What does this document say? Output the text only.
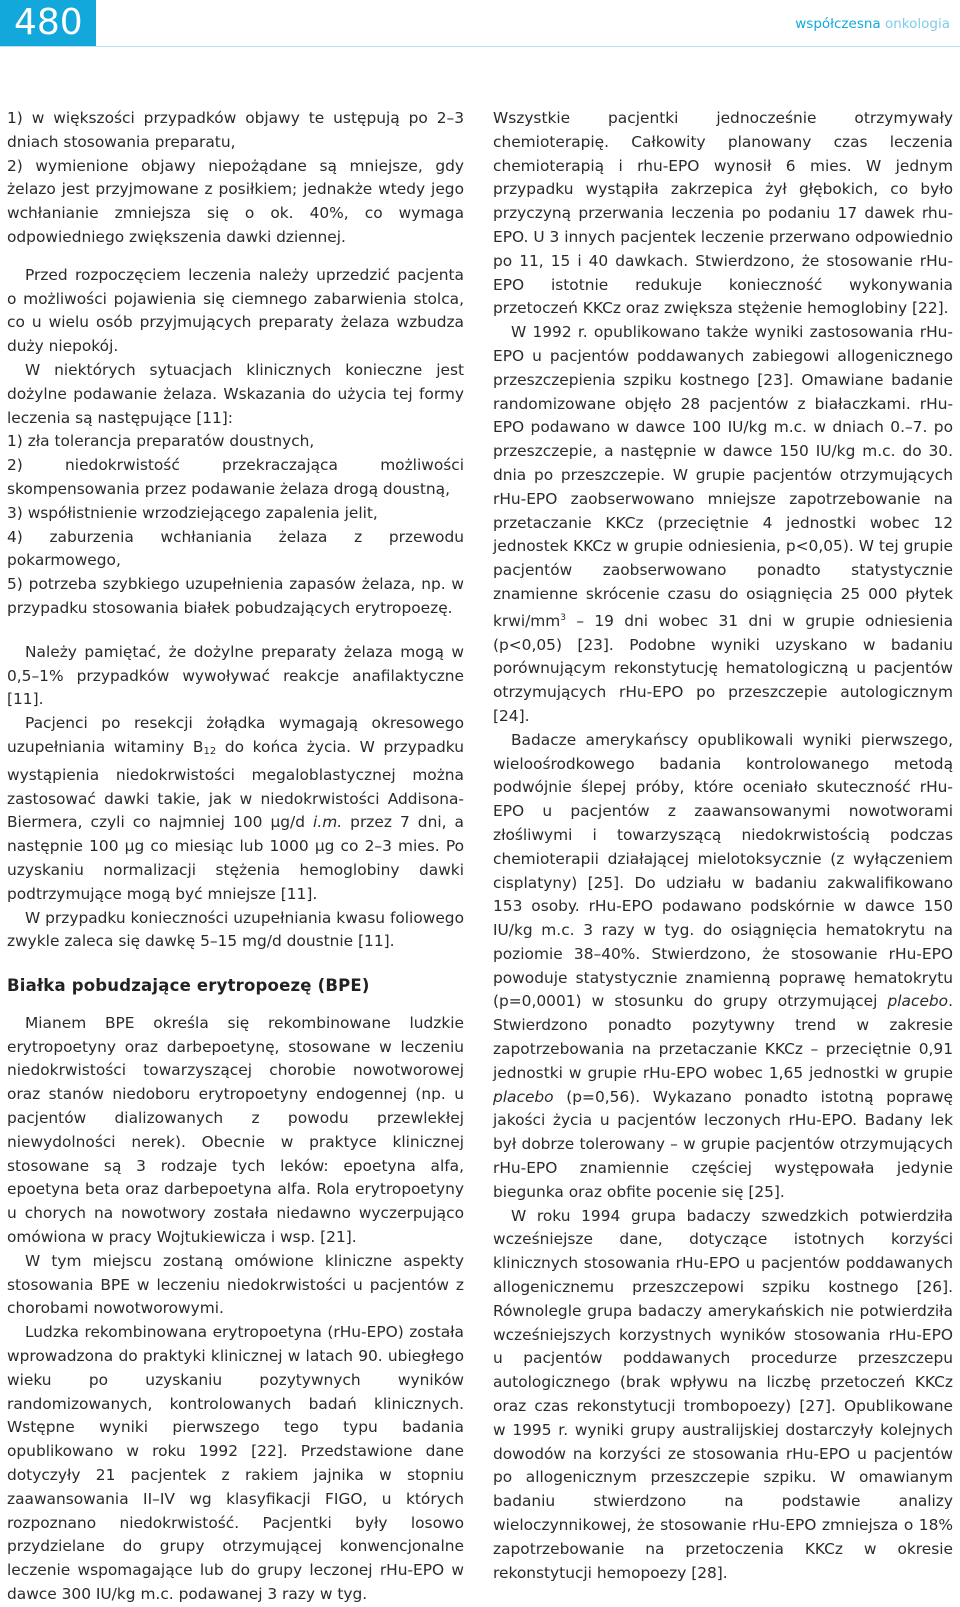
480	współczesna onkologia

1) w większości przypadków objawy te ustępują po 2–3 dniach stosowania preparatu,

2) wymienione objawy niepożądane są mniejsze, gdy żelazo jest przyjmowane z posiłkiem; jednakże wtedy jego wchłanianie zmniejsza się o ok. 40%, co wymaga odpowiedniego zwiększenia dawki dziennej.

Przed rozpoczęciem leczenia należy uprzedzić pacjenta o możliwości pojawienia się ciemnego zabarwienia stolca, co u wielu osób przyjmujących preparaty żelaza wzbudza duży niepokój.

W niektórych sytuacjach klinicznych konieczne jest dożylne podawanie żelaza. Wskazania do użycia tej formy leczenia są następujące [11]:

1) zła tolerancja preparatów doustnych,

2) niedokrwistość przekraczająca możliwości skompensowania przez podawanie żelaza drogą doustną,

3) współistnienie wrzodziejącego zapalenia jelit,

4) zaburzenia wchłaniania żelaza z przewodu pokarmowego,

5) potrzeba szybkiego uzupełnienia zapasów żelaza, np. w przypadku stosowania białek pobudzających erytropoezę.

Należy pamiętać, że dożylne preparaty żelaza mogą w 0,5–1% przypadków wywoływać reakcje anafilaktyczne [11].

Pacjenci po resekcji żołądka wymagają okresowego uzupełniania witaminy $B_{12}$ do końca życia. W przypadku wystąpienia niedokrwistości megaloblastycznej można zastosować dawki takie, jak w niedokrwistości Addisona-Biermera, czyli co najmniej 100 µg/d i.m. przez 7 dni, a następnie 100 µg co miesiąc lub 1000 µg co 2–3 mies. Po uzyskaniu normalizacji stężenia hemoglobiny dawki podtrzymujące mogą być mniejsze [11].

W przypadku konieczności uzupełniania kwasu foliowego zwykle zaleca się dawkę 5–15 mg/d doustnie [11].

Białka pobudzające erytropoezę (BPE)

Mianem BPE określa się rekombinowane ludzkie erytropoetyny oraz darbepoetynę, stosowane w leczeniu niedokrwistości towarzyszącej chorobie nowotworowej oraz stanów niedoboru erytropoetyny endogennej (np. u pacjentów dializowanych z powodu przewlekłej niewydolności nerek). Obecnie w praktyce klinicznej stosowane są 3 rodzaje tych leków: epoetyna alfa, epoetyna beta oraz darbepoetyna alfa. Rola erytropoetyny u chorych na nowotwory została niedawno wyczerpująco omówiona w pracy Wojtukiewicza i wsp. [21].

W tym miejscu zostaną omówione kliniczne aspekty stosowania BPE w leczeniu niedokrwistości u pacjentów z chorobami nowotworowymi.

Ludzka rekombinowana erytropoetyna (rHu-EPO) została wprowadzona do praktyki klinicznej w latach 90. ubiegłego wieku po uzyskaniu pozytywnych wyników randomizowanych, kontrolowanych badań klinicznych. Wstępne wyniki pierwszego tego typu badania opublikowano w roku 1992 [22]. Przedstawione dane dotyczyły 21 pacjentek z rakiem jajnika w stopniu zaawansowania II–IV wg klasyfikacji FIGO, u których rozpoznano niedokrwistość. Pacjentki były losowo przydzielane do grupy otrzymującej konwencjonalne leczenie wspomagające lub do grupy leczonej rHu-EPO w dawce 300 IU/kg m.c. podawanej 3 razy w tyg.

Wszystkie pacjentki jednocześnie otrzymywały chemioterapię. Całkowity planowany czas leczenia chemioterapią i rhu-EPO wynosił 6 mies. W jednym przypadku wystąpiła zakrzepica żył głębokich, co było przyczyną przerwania leczenia po podaniu 17 dawek rhu-EPO. U 3 innych pacjentek leczenie przerwano odpowiednio po 11, 15 i 40 dawkach. Stwierdzono, że stosowanie rHu-EPO istotnie redukuje konieczność wykonywania przetoczeń KKCz oraz zwiększa stężenie hemoglobiny [22].

W 1992 r. opublikowano także wyniki zastosowania rHu-EPO u pacjentów poddawanych zabiegowi allogenicznego przeszczepienia szpiku kostnego [23]. Omawiane badanie randomizowane objęło 28 pacjentów z białaczkami. rHu-EPO podawano w dawce 100 IU/kg m.c. w dniach 0.–7. po przeszczepie, a następnie w dawce 150 IU/kg m.c. do 30. dnia po przeszczepie. W grupie pacjentów otrzymujących rHu-EPO zaobserwowano mniejsze zapotrzebowanie na przetaczanie KKCz (przeciętnie 4 jednostki wobec 12 jednostek KKCz w grupie odniesienia, p<0,05). W tej grupie pacjentów zaobserwowano ponadto statystycznie znamienne skrócenie czasu do osiągnięcia 25 000 płytek krwi/$mm^3 - 19$ dni wobec 31 dni w grupie odniesienia (p<0,05) [23]. Podobne wyniki uzyskano w badaniu porównującym rekonstytucję hematologiczną u pacjentów otrzymujących rHu-EPO po przeszczepie autologicznym [24].

Badacze amerykańscy opublikowali wyniki pierwszego, wieloośrodkowego badania kontrolowanego metodą podwójnie ślepej próby, które oceniało skuteczność rHu-EPO u pacjentów z zaawansowanymi nowotworami złośliwymi i towarzyszącą niedokrwistością podczas chemioterapii działającej mielotoksycznie (z wyłączeniem cisplatyny) [25]. Do udziału w badaniu zakwalifikowano 153 osoby. rHu-EPO podawano podskórnie w dawce 150 IU/kg m.c. 3 razy w tyg. do osiągnięcia hematokrytu na poziomie 38–40%. Stwierdzono, że stosowanie rHu-EPO powoduje statystycznie znamienną poprawę hematokrytu (p=0,0001) w stosunku do grupy otrzymującej placebo. Stwierdzono ponadto pozytywny trend w zakresie zapotrzebowania na przetaczanie KKCz – przeciętnie 0,91 jednostki w grupie rHu-EPO wobec 1,65 jednostki w grupie placebo (p=0,56). Wykazano ponadto istotną poprawę jakości życia u pacjentów leczonych rHu-EPO. Badany lek był dobrze tolerowany – w grupie pacjentów otrzymujących rHu-EPO znamiennie częściej występowała jedynie biegunka oraz obfite pocenie się [25].

W roku 1994 grupa badaczy szwedzkich potwierdziła wcześniejsze dane, dotyczące istotnych korzyści klinicznych stosowania rHu-EPO u pacjentów poddawanych allogenicznemu przeszczepowi szpiku kostnego [26]. Równolegle grupa badaczy amerykańskich nie potwierdziła wcześniejszych korzystnych wyników stosowania rHu-EPO u pacjentów poddawanych procedurze przeszczepu autologicznego (brak wpływu na liczbę przetoczeń KKCz oraz czas rekonstytucji trombopoezy) [27]. Opublikowane w 1995 r. wyniki grupy australijskiej dostarczyły kolejnych dowodów na korzyści ze stosowania rHu-EPO u pacjentów po allogenicznym przeszczepie szpiku. W omawianym badaniu stwierdzono na podstawie analizy wieloczynnikowej, że stosowanie rHu-EPO zmniejsza o 18% zapotrzebowanie na przetoczenia KKCz w okresie rekonstytucji hemopoezy [28].
